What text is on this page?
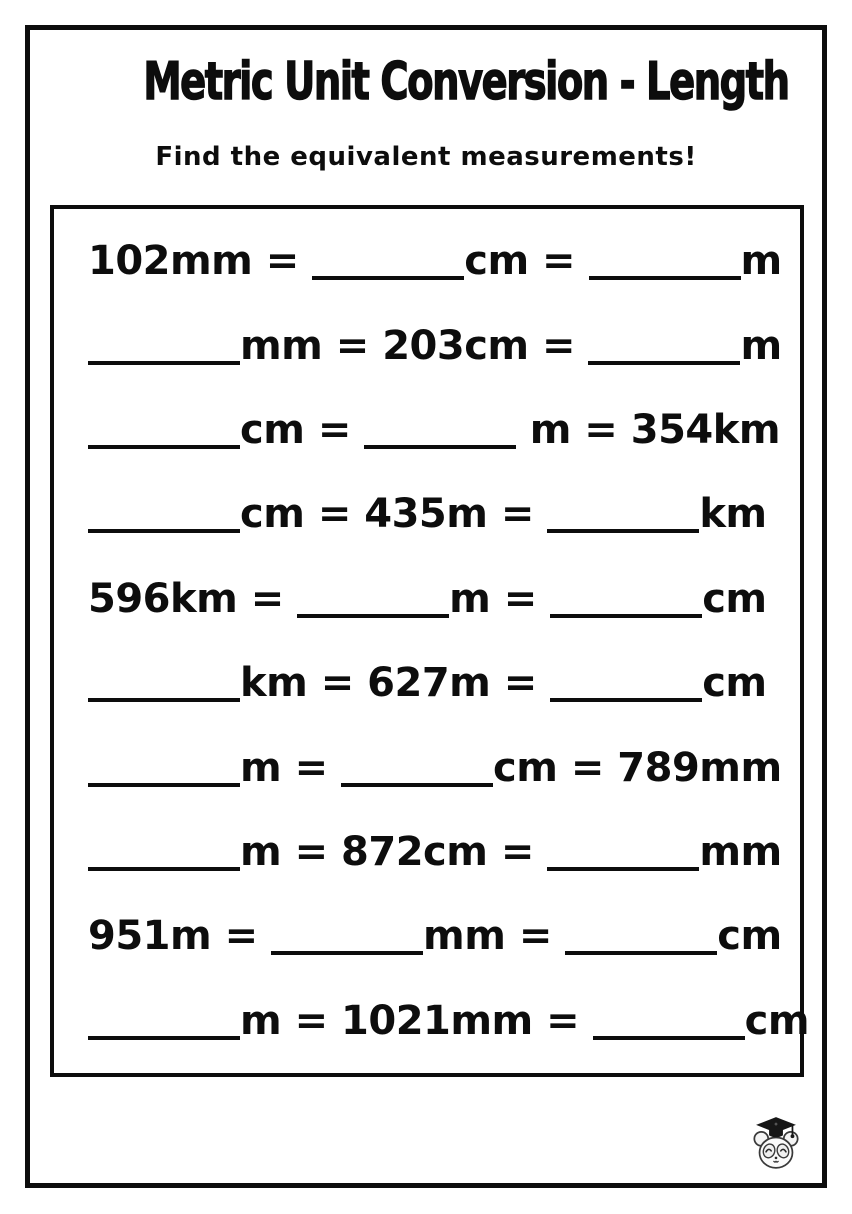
Metric Unit Conversion - Length
Find the equivalent measurements!
102mm =	cm =	m
mm = 203cm =	m
cm =	m = 354km
cm = 435m =	km
596km =	m =	cm
km = 627m =	cm
m =	cm = 789mm
m = 872cm =	mm
951m =	mm =	cm
m = 1021mm =	cm
